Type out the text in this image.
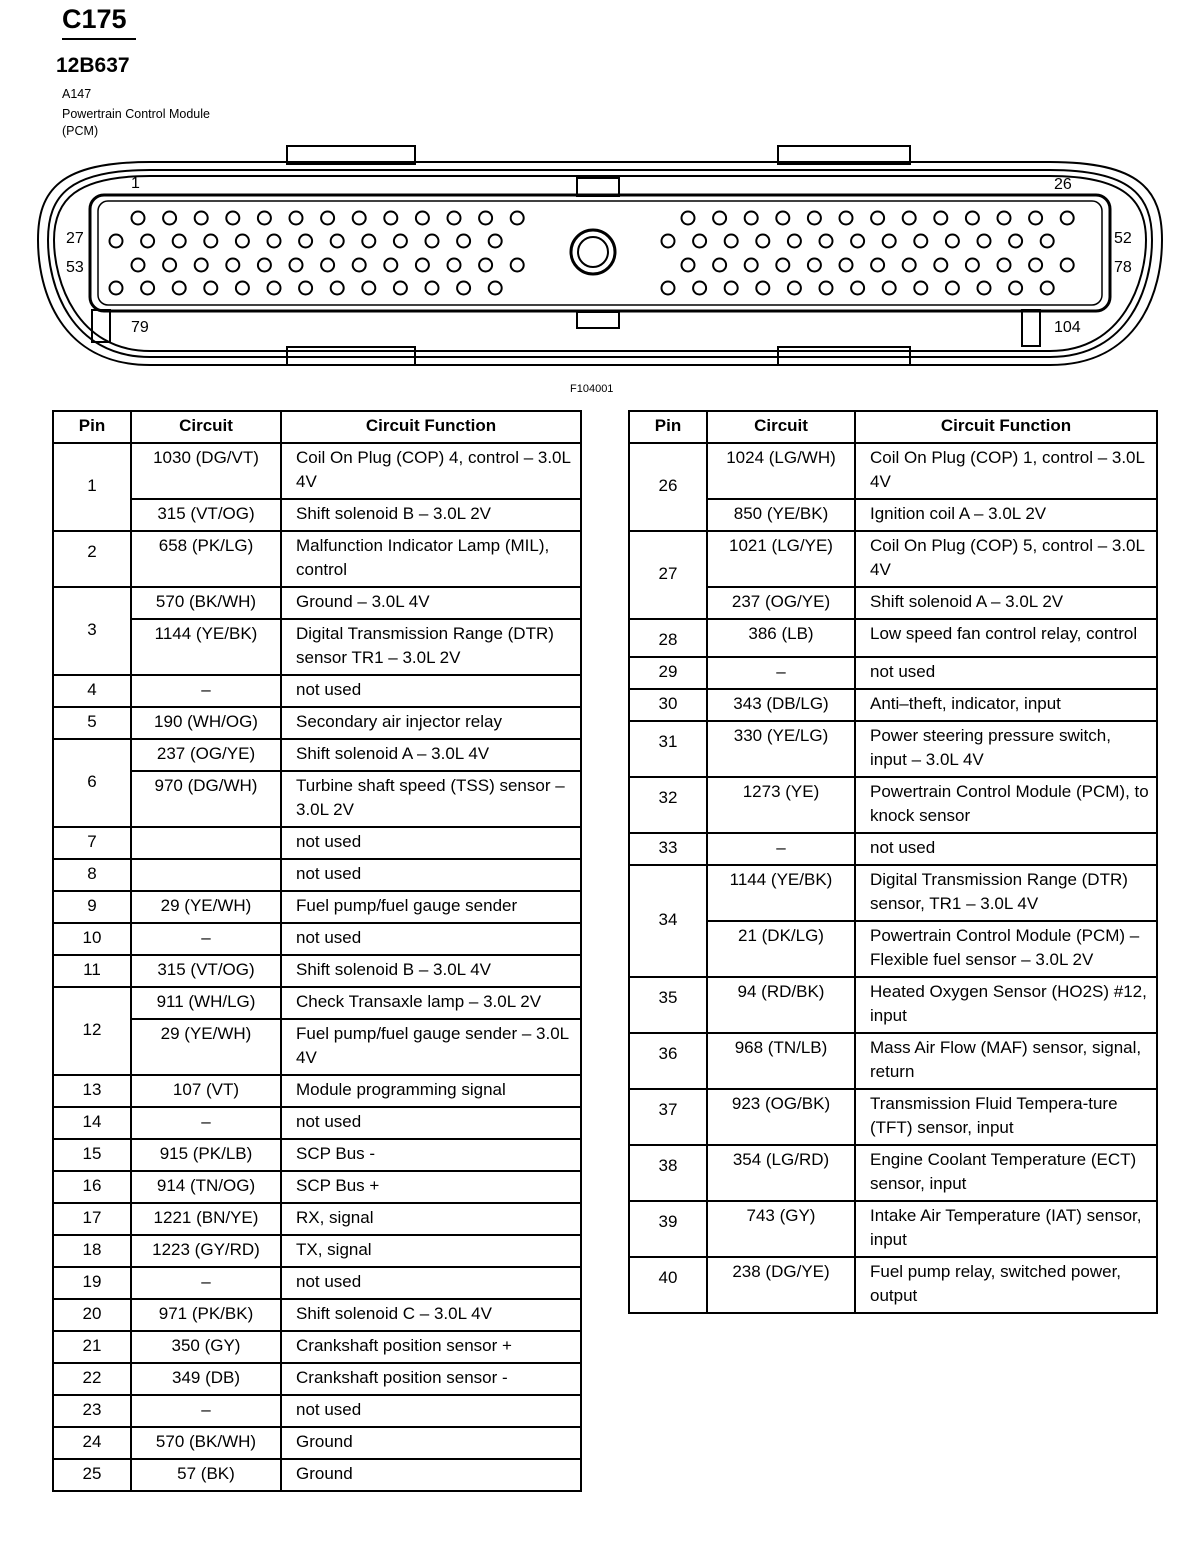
C175
12B637
A147
Powertrain Control Module
(PCM)
1	26
27	52
53	78
79	104
F104001
Pin	Circuit	Circuit Function
1	1030 (DG/VT)	Coil On Plug (COP) 4, control – 3.0L 4V
	315 (VT/OG)	Shift solenoid B – 3.0L 2V
2	658 (PK/LG)	Malfunction Indicator Lamp (MIL), control
3	570 (BK/WH)	Ground – 3.0L 4V
	1144 (YE/BK)	Digital Transmission Range (DTR) sensor TR1 – 3.0L 2V
4	–	not used
5	190 (WH/OG)	Secondary air injector relay
6	237 (OG/YE)	Shift solenoid A – 3.0L 4V
	970 (DG/WH)	Turbine shaft speed (TSS) sensor – 3.0L 2V
7		not used
8		not used
9	29 (YE/WH)	Fuel pump/fuel gauge sender
10	–	not used
11	315 (VT/OG)	Shift solenoid B – 3.0L 4V
12	911 (WH/LG)	Check Transaxle lamp – 3.0L 2V
	29 (YE/WH)	Fuel pump/fuel gauge sender – 3.0L 4V
13	107 (VT)	Module programming signal
14	–	not used
15	915 (PK/LB)	SCP Bus -
16	914 (TN/OG)	SCP Bus +
17	1221 (BN/YE)	RX, signal
18	1223 (GY/RD)	TX, signal
19	–	not used
20	971 (PK/BK)	Shift solenoid C – 3.0L 4V
21	350 (GY)	Crankshaft position sensor +
22	349 (DB)	Crankshaft position sensor -
23	–	not used
24	570 (BK/WH)	Ground
25	57 (BK)	Ground
Pin	Circuit	Circuit Function
26	1024 (LG/WH)	Coil On Plug (COP) 1, control – 3.0L 4V
	850 (YE/BK)	Ignition coil A – 3.0L 2V
27	1021 (LG/YE)	Coil On Plug (COP) 5, control – 3.0L 4V
	237 (OG/YE)	Shift solenoid A – 3.0L 2V
28	386 (LB)	Low speed fan control relay, control
29	–	not used
30	343 (DB/LG)	Anti–theft, indicator, input
31	330 (YE/LG)	Power steering pressure switch, input – 3.0L 4V
32	1273 (YE)	Powertrain Control Module (PCM), to knock sensor
33	–	not used
34	1144 (YE/BK)	Digital Transmission Range (DTR) sensor, TR1 – 3.0L 4V
	21 (DK/LG)	Powertrain Control Module (PCM) – Flexible fuel sensor – 3.0L 2V
35	94 (RD/BK)	Heated Oxygen Sensor (HO2S) #12, input
36	968 (TN/LB)	Mass Air Flow (MAF) sensor, signal, return
37	923 (OG/BK)	Transmission Fluid Tempera-ture (TFT) sensor, input
38	354 (LG/RD)	Engine Coolant Temperature (ECT) sensor, input
39	743 (GY)	Intake Air Temperature (IAT) sensor, input
40	238 (DG/YE)	Fuel pump relay, switched power, output
